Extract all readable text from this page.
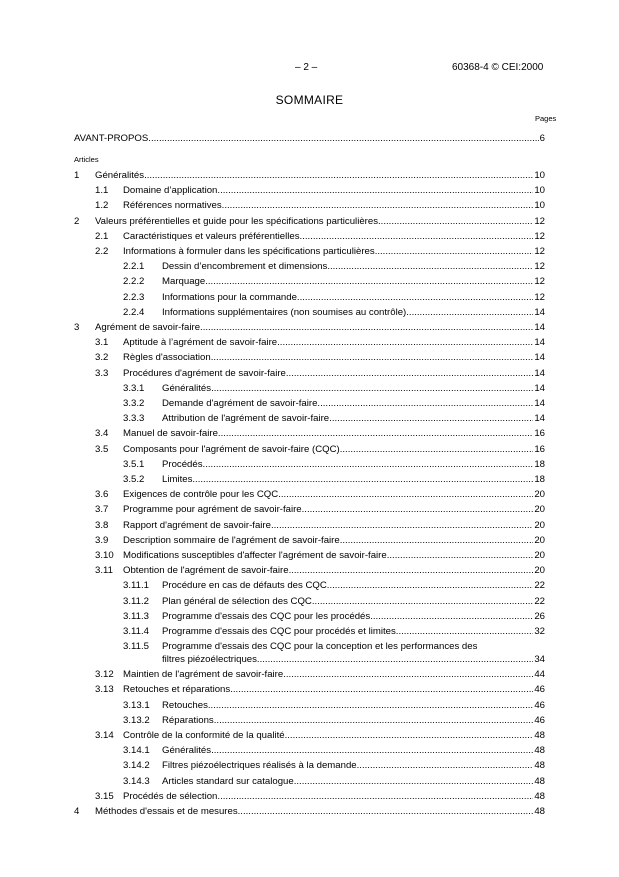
– 2 –	60368-4 © CEI:2000
SOMMAIRE
Pages
AVANT-PROPOS .....	6
Articles
1 Généralités .....	10
1.1 Domaine d’application .....	10
1.2 Références normatives .....	10
2 Valeurs préférentielles et guide pour les spécifications particulières .....	12
2.1 Caractéristiques et valeurs préférentielles .....	12
2.2 Informations à formuler dans les spécifications particulières .....	12
2.2.1 Dessin d’encombrement et dimensions .....	12
2.2.2 Marquage .....	12
2.2.3 Informations pour la commande .....	12
2.2.4 Informations supplémentaires (non soumises au contrôle) .....	14
3 Agrément de savoir-faire .....	14
3.1 Aptitude à l’agrément de savoir-faire .....	14
3.2 Règles d'association .....	14
3.3 Procédures d'agrément de savoir-faire .....	14
3.3.1 Généralités .....	14
3.3.2 Demande d'agrément de savoir-faire .....	14
3.3.3 Attribution de l'agrément de savoir-faire .....	14
3.4 Manuel de savoir-faire .....	16
3.5 Composants pour l'agrément de savoir-faire (CQC) .....	16
3.5.1 Procédés .....	18
3.5.2 Limites .....	18
3.6 Exigences de contrôle pour les CQC .....	20
3.7 Programme pour agrément de savoir-faire .....	20
3.8 Rapport d'agrément de savoir-faire .....	20
3.9 Description sommaire de l'agrément de savoir-faire .....	20
3.10 Modifications susceptibles d'affecter l'agrément de savoir-faire .....	20
3.11 Obtention de l'agrément de savoir-faire .....	20
3.11.1 Procédure en cas de défauts des CQC .....	22
3.11.2 Plan général de sélection des CQC .....	22
3.11.3 Programme d'essais des CQC pour les procédés .....	26
3.11.4 Programme d'essais des CQC pour procédés et limites .....	32
3.11.5 Programme d'essais des CQC pour la conception et les performances des
filtres piézoélectriques .....	34
3.12 Maintien de l'agrément de savoir-faire .....	44
3.13 Retouches et réparations .....	46
3.13.1 Retouches .....	46
3.13.2 Réparations .....	46
3.14 Contrôle de la conformité de la qualité .....	48
3.14.1 Généralités .....	48
3.14.2 Filtres piézoélectriques réalisés à la demande .....	48
3.14.3 Articles standard sur catalogue .....	48
3.15 Procédés de sélection .....	48
4 Méthodes d'essais et de mesures .....	48
